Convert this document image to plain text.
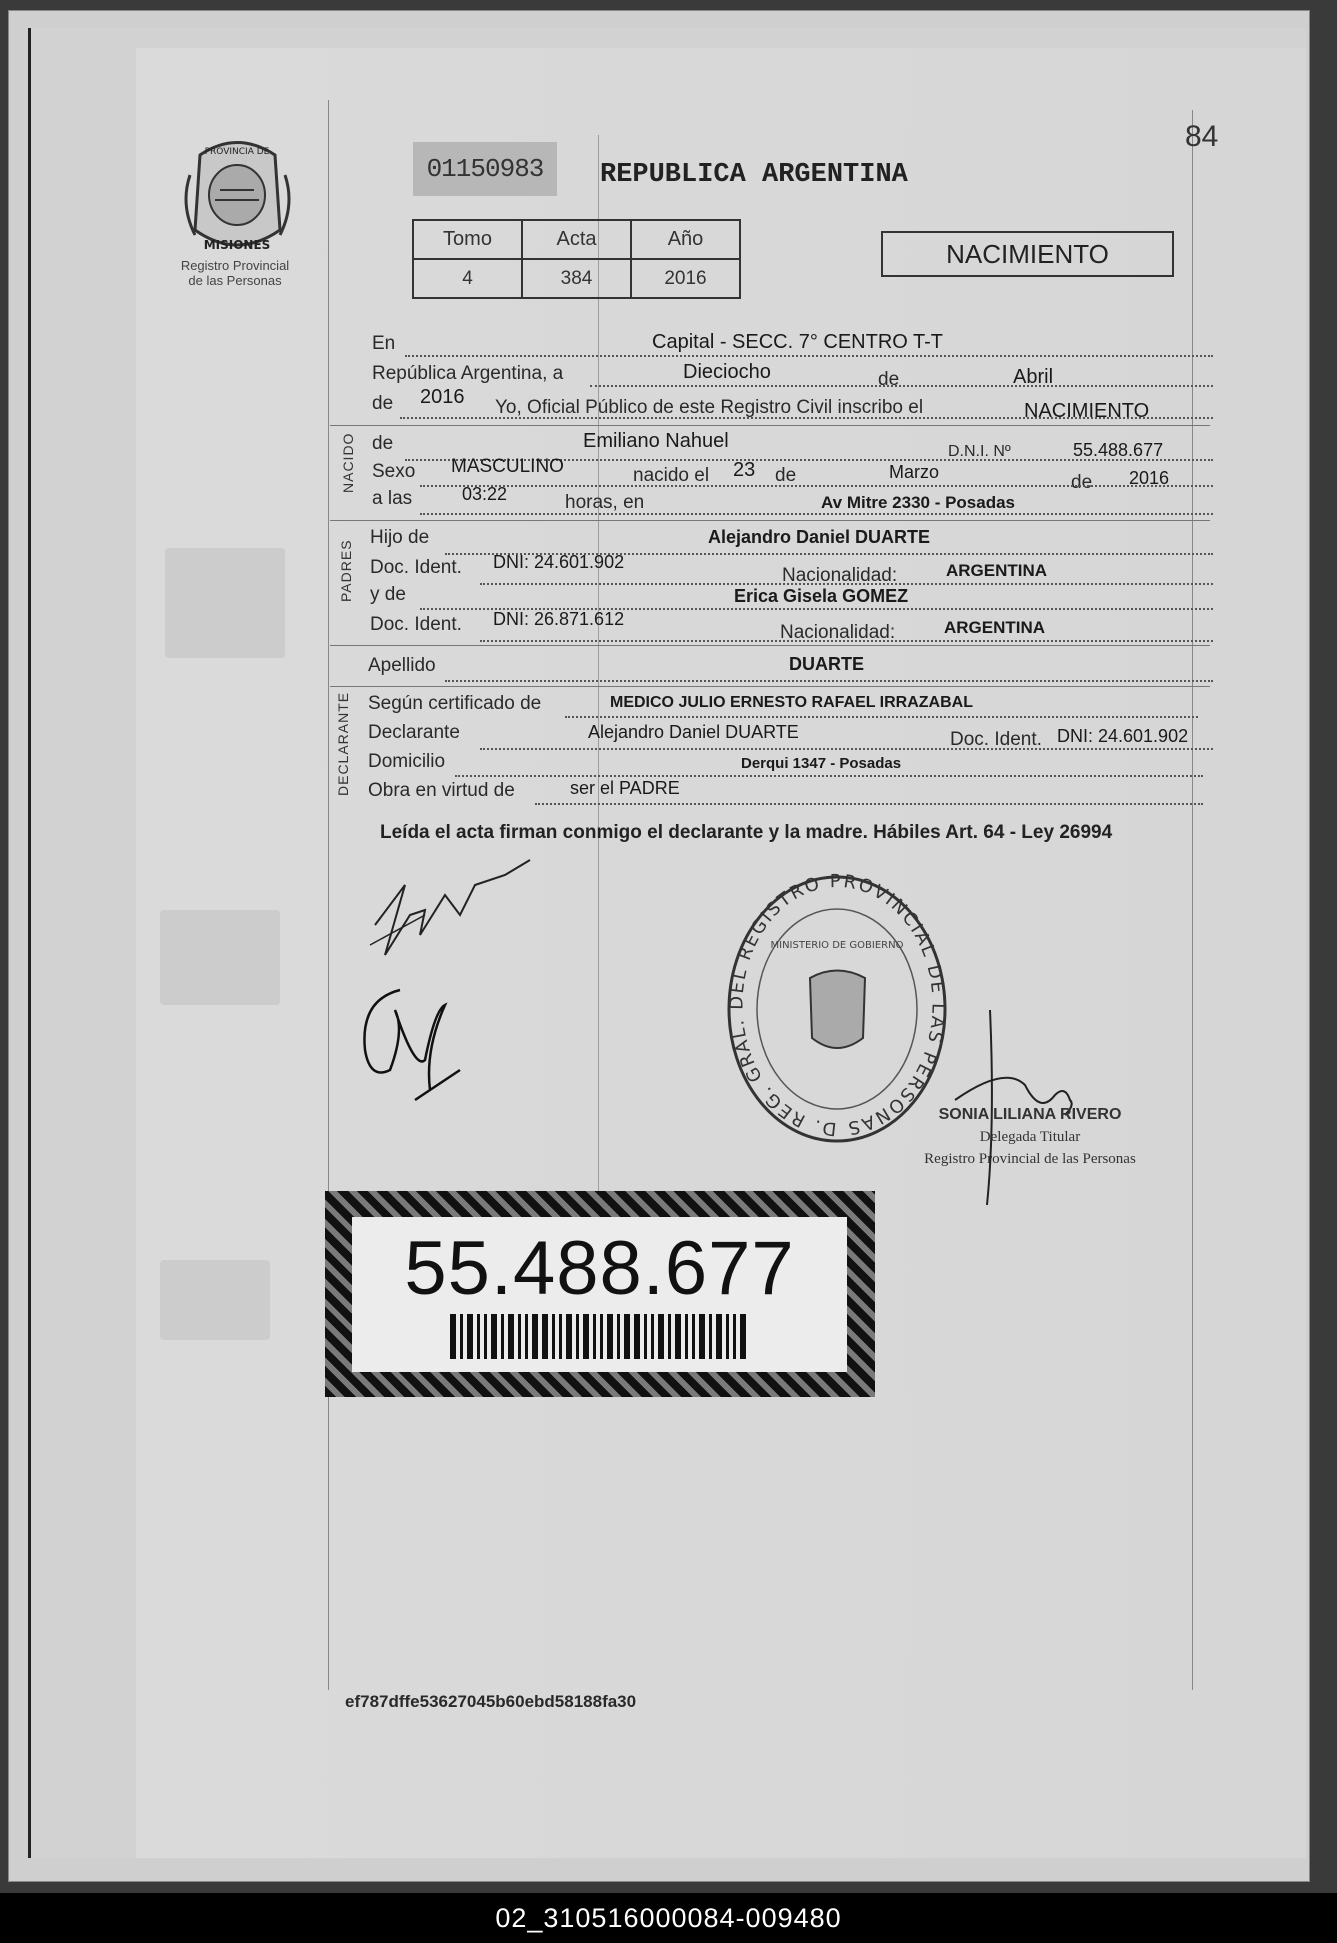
84
PROVINCIA DE
MISIONES
Registro Provincial
de las Personas
01150983	REPUBLICA ARGENTINA
Tomo	Acta	Año
4	384	2016
NACIMIENTO
En	Capital - SECC. 7° CENTRO T-T
República Argentina, a	Dieciocho	de	Abril
de 2016 Yo, Oficial Público de este Registro Civil inscribo el	NACIMIENTO
NACIDO de	Emiliano Nahuel	D.N.I. Nº	55.488.677
Sexo MASCULINO	nacido el 23 de	Marzo	de 2016
a las	03:22	horas, en	Av Mitre 2330 - Posadas
PADRES
Hijo de	Alejandro Daniel DUARTE
Doc. Ident. DNI: 24.601.902
Nacionalidad:	ARGENTINA
y de	Erica Gisela GOMEZ
Doc. Ident. DNI: 26.871.612
Nacionalidad:	ARGENTINA
Apellido	DUARTE
DECLARANTE Según certificado de	MEDICO JULIO ERNESTO RAFAEL IRRAZABAL
Declarante	Alejandro Daniel DUARTE	Doc. Ident. DNI: 24.601.902
Domicilio	Derqui 1347 - Posadas
Obra en virtud de	ser el PADRE
Leída el acta firman conmigo el declarante y la madre. Hábiles Art. 64 - Ley 26994
D. REG. GRAL. DEL REGISTRO PROVINCIAL DE LAS PERSONAS
MINISTERIO DE GOBIERNO
SONIA LILIANA RIVERO
Delegada Titular
Registro Provincial de las Personas
55.488.677
ef787dffe53627045b60ebd58188fa30
02_310516000084-009480
